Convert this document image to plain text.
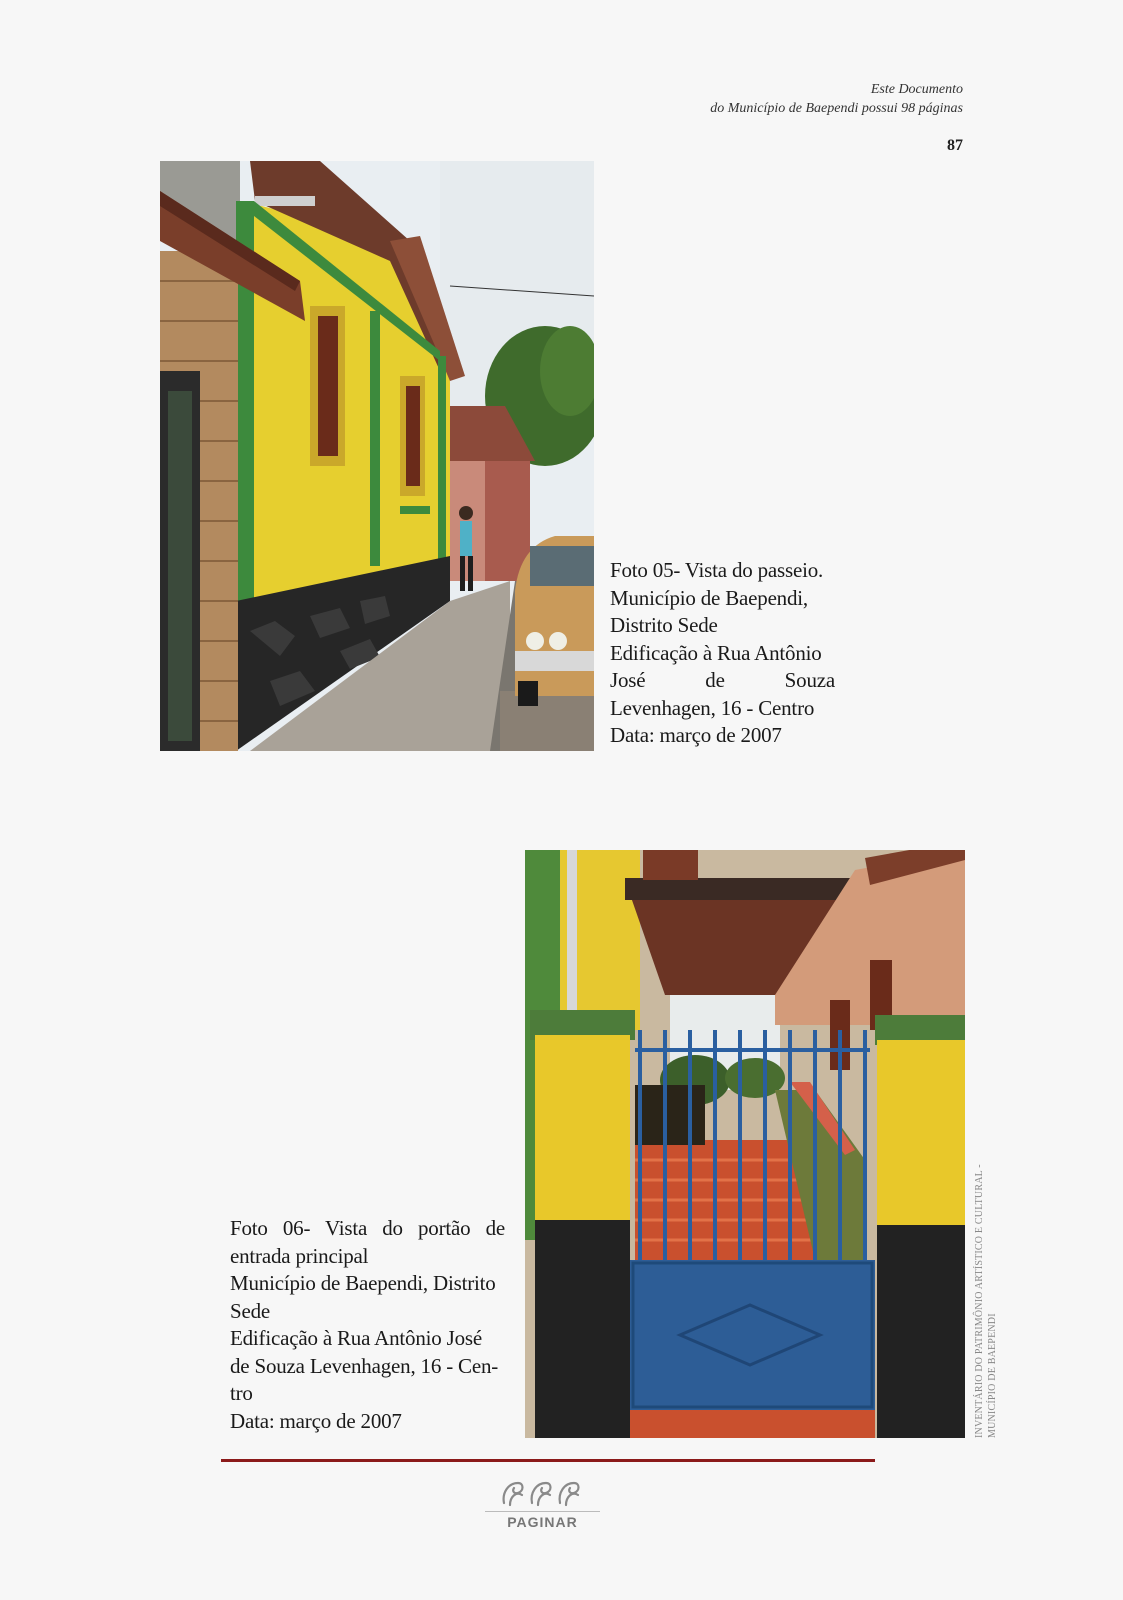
Este Documento
do Município de Baependi possui 98 páginas
87
Foto 05- Vista do passeio.
Município de Baependi,
Distrito Sede
Edificação à Rua Antônio
José de Souza
Levenhagen, 16 - Centro
Data: março de 2007
Foto 06- Vista do portão de
entrada principal
Município de Baependi, Distrito
Sede
Edificação à Rua Antônio José
de Souza Levenhagen, 16 - Cen-
tro
Data: março de 2007	INVENTÁRIO DO PATRIMÔNIO ARTÍSTICO E CULTURAL - MUNICÍPIO DE BAEPENDI
PAGINAR
